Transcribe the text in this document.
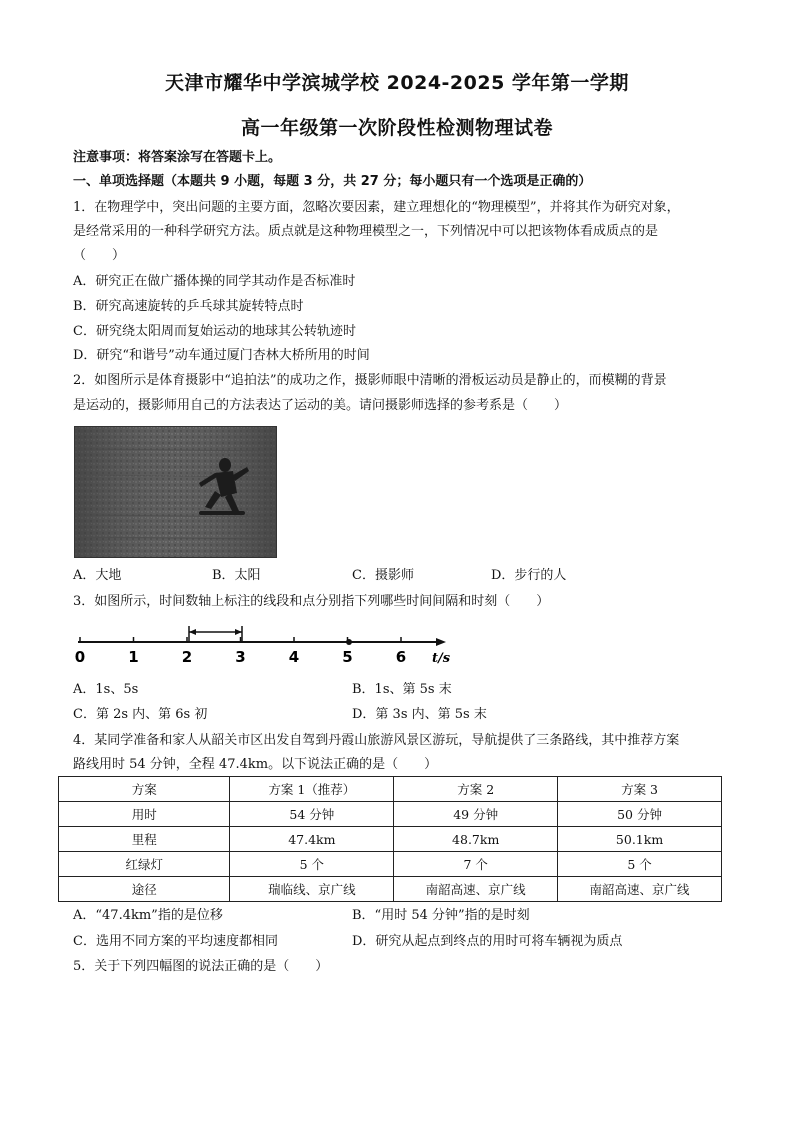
天津市耀华中学滨城学校 2024-2025 学年第一学期
高一年级第一次阶段性检测物理试卷
注意事项：将答案涂写在答题卡上。
一、单项选择题（本题共 9 小题，每题 3 分，共 27 分；每小题只有一个选项是正确的）
1．在物理学中，突出问题的主要方面，忽略次要因素，建立理想化的“物理模型”，并将其作为研究对象，
是经常采用的一种科学研究方法。质点就是这种物理模型之一，下列情况中可以把该物体看成质点的是
（　　）
A．研究正在做广播体操的同学其动作是否标准时
B．研究高速旋转的乒乓球其旋转特点时
C．研究绕太阳周而复始运动的地球其公转轨迹时
D．研究“和谐号”动车通过厦门杏林大桥所用的时间
2．如图所示是体育摄影中“追拍法”的成功之作，摄影师眼中清晰的滑板运动员是静止的，而模糊的背景
是运动的，摄影师用自己的方法表达了运动的美。请问摄影师选择的参考系是（　　）
A．大地	B．太阳	C．摄影师	D．步行的人
3．如图所示，时间数轴上标注的线段和点分别指下列哪些时间间隔和时刻（　　）
0	1	2	3	4	5	6 t/s
A．1s、5s	B．1s、第 5s 末
C．第 2s 内、第 6s 初	D．第 3s 内、第 5s 末
4．某同学准备和家人从韶关市区出发自驾到丹霞山旅游风景区游玩，导航提供了三条路线，其中推荐方案
路线用时 54 分钟，全程 47.4km。以下说法正确的是（　　）
方案	方案 1（推荐）	方案 2	方案 3
用时	54 分钟	49 分钟	50 分钟
里程	47.4km	48.7km	50.1km
红绿灯	5 个	7 个	5 个
途径	瑞临线、京广线	南韶高速、京广线	南韶高速、京广线
A．“47.4km”指的是位移	B．“用时 54 分钟”指的是时刻
C．选用不同方案的平均速度都相同	D．研究从起点到终点的用时可将车辆视为质点
5．关于下列四幅图的说法正确的是（　　）
